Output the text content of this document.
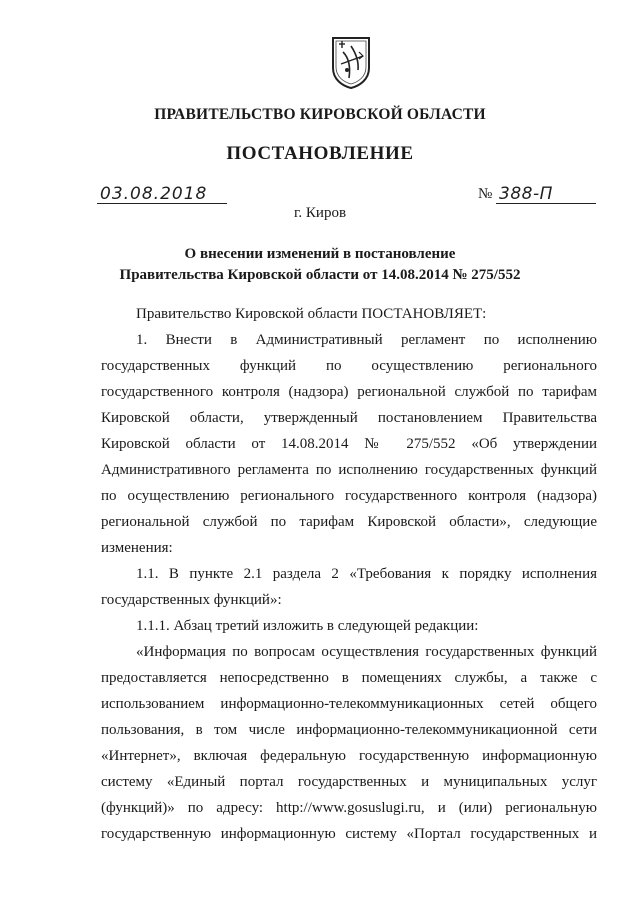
ПРАВИТЕЛЬСТВО КИРОВСКОЙ ОБЛАСТИ
ПОСТАНОВЛЕНИЕ
03.08.2018	№ 388-П
г. Киров
О внесении изменений в постановление
Правительства Кировской области от 14.08.2014 № 275/552
Правительство Кировской области ПОСТАНОВЛЯЕТ:
1. Внести в Административный регламент по исполнению государственных функций по осуществлению регионального государственного контроля (надзора) региональной службой по тарифам Кировской области, утвержденный постановлением Правительства Кировской области от 14.08.2014 № 275/552 «Об утверждении Административного регламента по исполнению государственных функций по осуществлению регионального государственного контроля (надзора) региональной службой по тарифам Кировской области», следующие изменения:
1.1. В пункте 2.1 раздела 2 «Требования к порядку исполнения государственных функций»:
1.1.1. Абзац третий изложить в следующей редакции:
«Информация по вопросам осуществления государственных функций предоставляется непосредственно в помещениях службы, а также с использованием информационно-телекоммуникационных сетей общего пользования, в том числе информационно-телекоммуникационной сети «Интернет», включая федеральную государственную информационную систему «Единый портал государственных и муниципальных услуг (функций)» по адресу: http://www.gosuslugi.ru, и (или) региональную государственную информационную систему «Портал государственных и
